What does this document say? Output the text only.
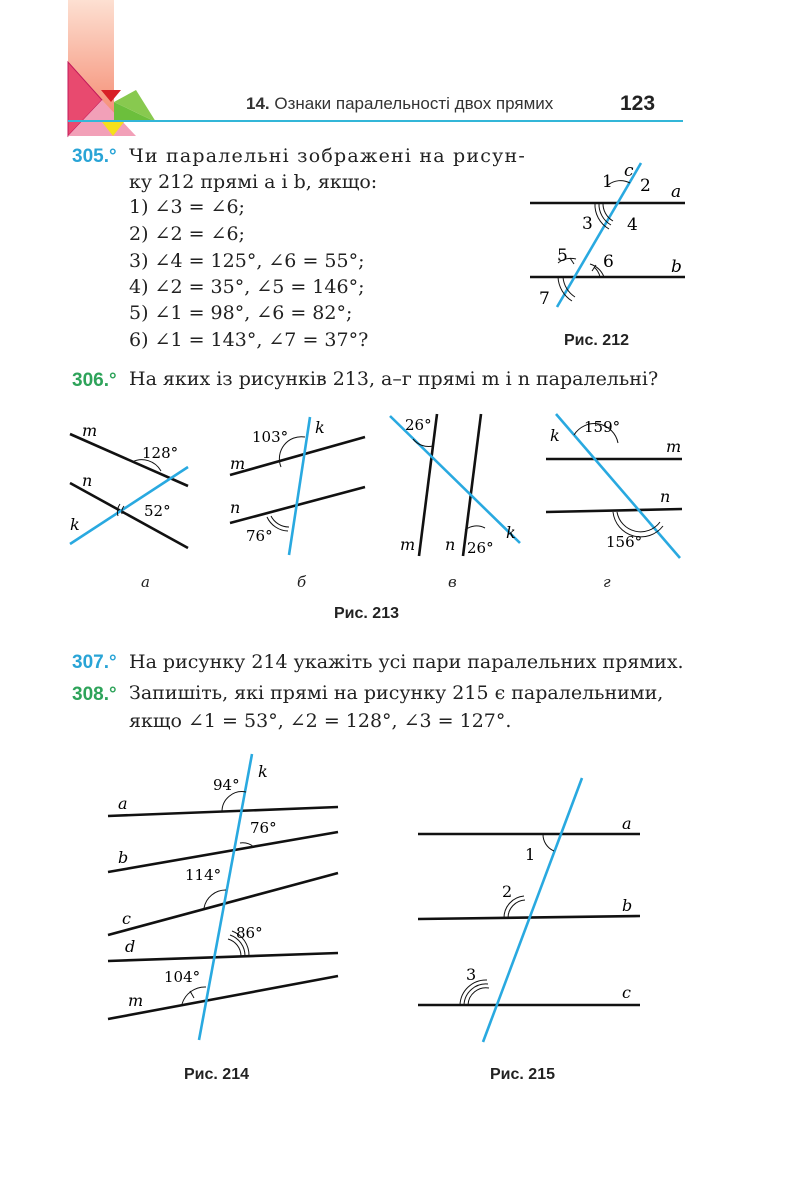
14. Ознаки паралельності двох прямих	123
305.° Чи паралельні зображені на рисун-
ку 212 прямі a і b, якщо:
1) ∠3 = ∠6;
2) ∠2 = ∠6;
3) ∠4 = 125°, ∠6 = 55°;
4) ∠2 = 35°, ∠5 = 146°;
5) ∠1 = 98°, ∠6 = 82°;
6) ∠1 = 143°, ∠7 = 37°?
c
a
b
1 2
3 4
5 6
7
Рис. 212
306.° На яких із рисунків 213, а–г прямі m і n паралельні?
m
n
k
128°
52°
а
m
n
k
103°
76°
б
26°
26°
m n
k
в
k 159°
m
n
156°
г
Рис. 213
307.° На рисунку 214 укажіть усі пари паралельних прямих.
308.° Запишіть, які прямі на рисунку 215 є паралельними,
якщо ∠1 = 53°, ∠2 = 128°, ∠3 = 127°.
a
b
c
d
m
k
94°
76°
114°
86°
104°
Рис. 214
a
b
c
1
2
3
Рис. 215
